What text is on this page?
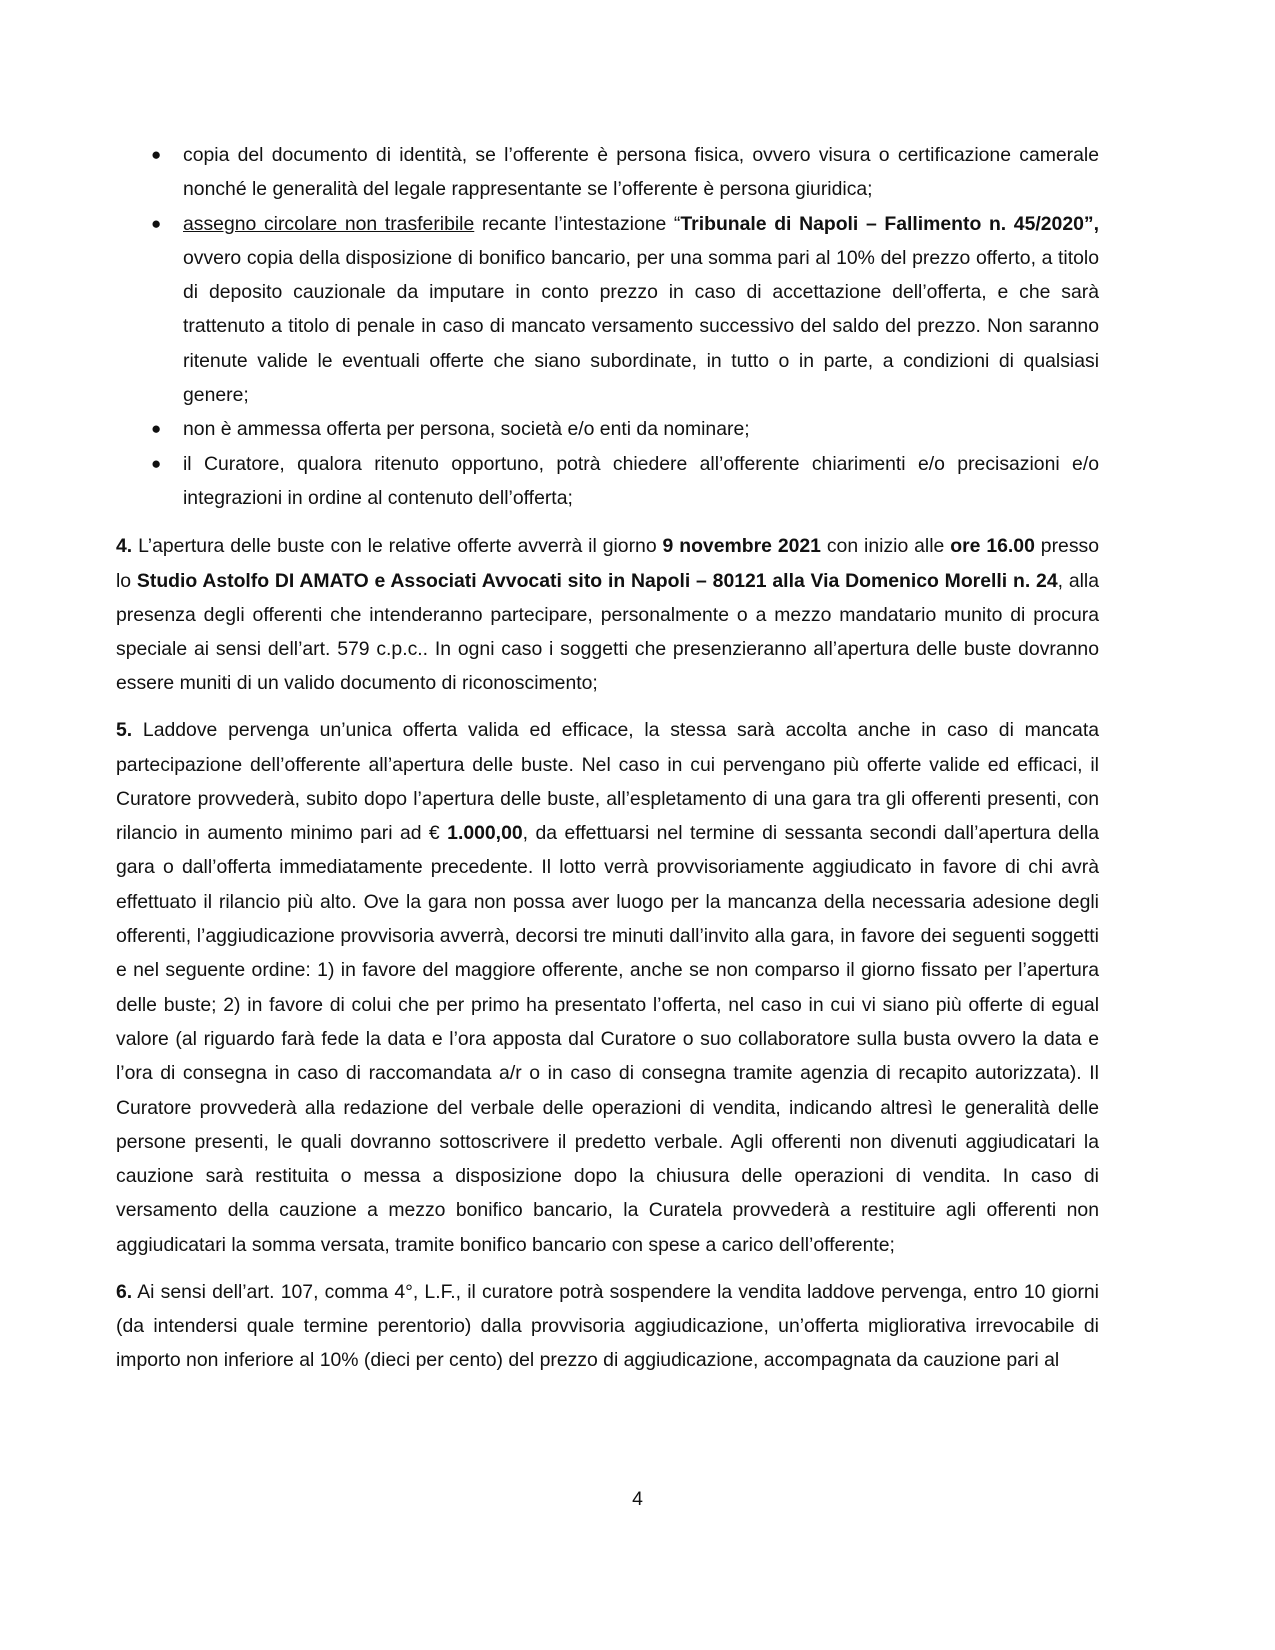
● copia del documento di identità, se l’offerente è persona fisica, ovvero visura o certificazione camerale nonché le generalità del legale rappresentante se l’offerente è persona giuridica;
● assegno circolare non trasferibile recante l’intestazione “Tribunale di Napoli – Fallimento n. 45/2020”, ovvero copia della disposizione di bonifico bancario, per una somma pari al 10% del prezzo offerto, a titolo di deposito cauzionale da imputare in conto prezzo in caso di accettazione dell’offerta, e che sarà trattenuto a titolo di penale in caso di mancato versamento successivo del saldo del prezzo. Non saranno ritenute valide le eventuali offerte che siano subordinate, in tutto o in parte, a condizioni di qualsiasi genere;
● non è ammessa offerta per persona, società e/o enti da nominare;
● il Curatore, qualora ritenuto opportuno, potrà chiedere all’offerente chiarimenti e/o precisazioni e/o integrazioni in ordine al contenuto dell’offerta;

4. L’apertura delle buste con le relative offerte avverrà il giorno 9 novembre 2021 con inizio alle ore 16.00 presso lo Studio Astolfo DI AMATO e Associati Avvocati sito in Napoli – 80121 alla Via Domenico Morelli n. 24, alla presenza degli offerenti che intenderanno partecipare, personalmente o a mezzo mandatario munito di procura speciale ai sensi dell’art. 579 c.p.c.. In ogni caso i soggetti che presenzieranno all’apertura delle buste dovranno essere muniti di un valido documento di riconoscimento;

5. Laddove pervenga un’unica offerta valida ed efficace, la stessa sarà accolta anche in caso di mancata partecipazione dell’offerente all’apertura delle buste. Nel caso in cui pervengano più offerte valide ed efficaci, il Curatore provvederà, subito dopo l’apertura delle buste, all’espletamento di una gara tra gli offerenti presenti, con rilancio in aumento minimo pari ad € 1.000,00, da effettuarsi nel termine di sessanta secondi dall’apertura della gara o dall’offerta immediatamente precedente. Il lotto verrà provvisoriamente aggiudicato in favore di chi avrà effettuato il rilancio più alto. Ove la gara non possa aver luogo per la mancanza della necessaria adesione degli offerenti, l’aggiudicazione provvisoria avverrà, decorsi tre minuti dall’invito alla gara, in favore dei seguenti soggetti e nel seguente ordine: 1) in favore del maggiore offerente, anche se non comparso il giorno fissato per l’apertura delle buste; 2) in favore di colui che per primo ha presentato l’offerta, nel caso in cui vi siano più offerte di egual valore (al riguardo farà fede la data e l’ora apposta dal Curatore o suo collaboratore sulla busta ovvero la data e l’ora di consegna in caso di raccomandata a/r o in caso di consegna tramite agenzia di recapito autorizzata). Il Curatore provvederà alla redazione del verbale delle operazioni di vendita, indicando altresì le generalità delle persone presenti, le quali dovranno sottoscrivere il predetto verbale. Agli offerenti non divenuti aggiudicatari la cauzione sarà restituita o messa a disposizione dopo la chiusura delle operazioni di vendita. In caso di versamento della cauzione a mezzo bonifico bancario, la Curatela provvederà a restituire agli offerenti non aggiudicatari la somma versata, tramite bonifico bancario con spese a carico dell’offerente;

6. Ai sensi dell’art. 107, comma 4°, L.F., il curatore potrà sospendere la vendita laddove pervenga, entro 10 giorni (da intendersi quale termine perentorio) dalla provvisoria aggiudicazione, un’offerta migliorativa irrevocabile di importo non inferiore al 10% (dieci per cento) del prezzo di aggiudicazione, accompagnata da cauzione pari al

4
